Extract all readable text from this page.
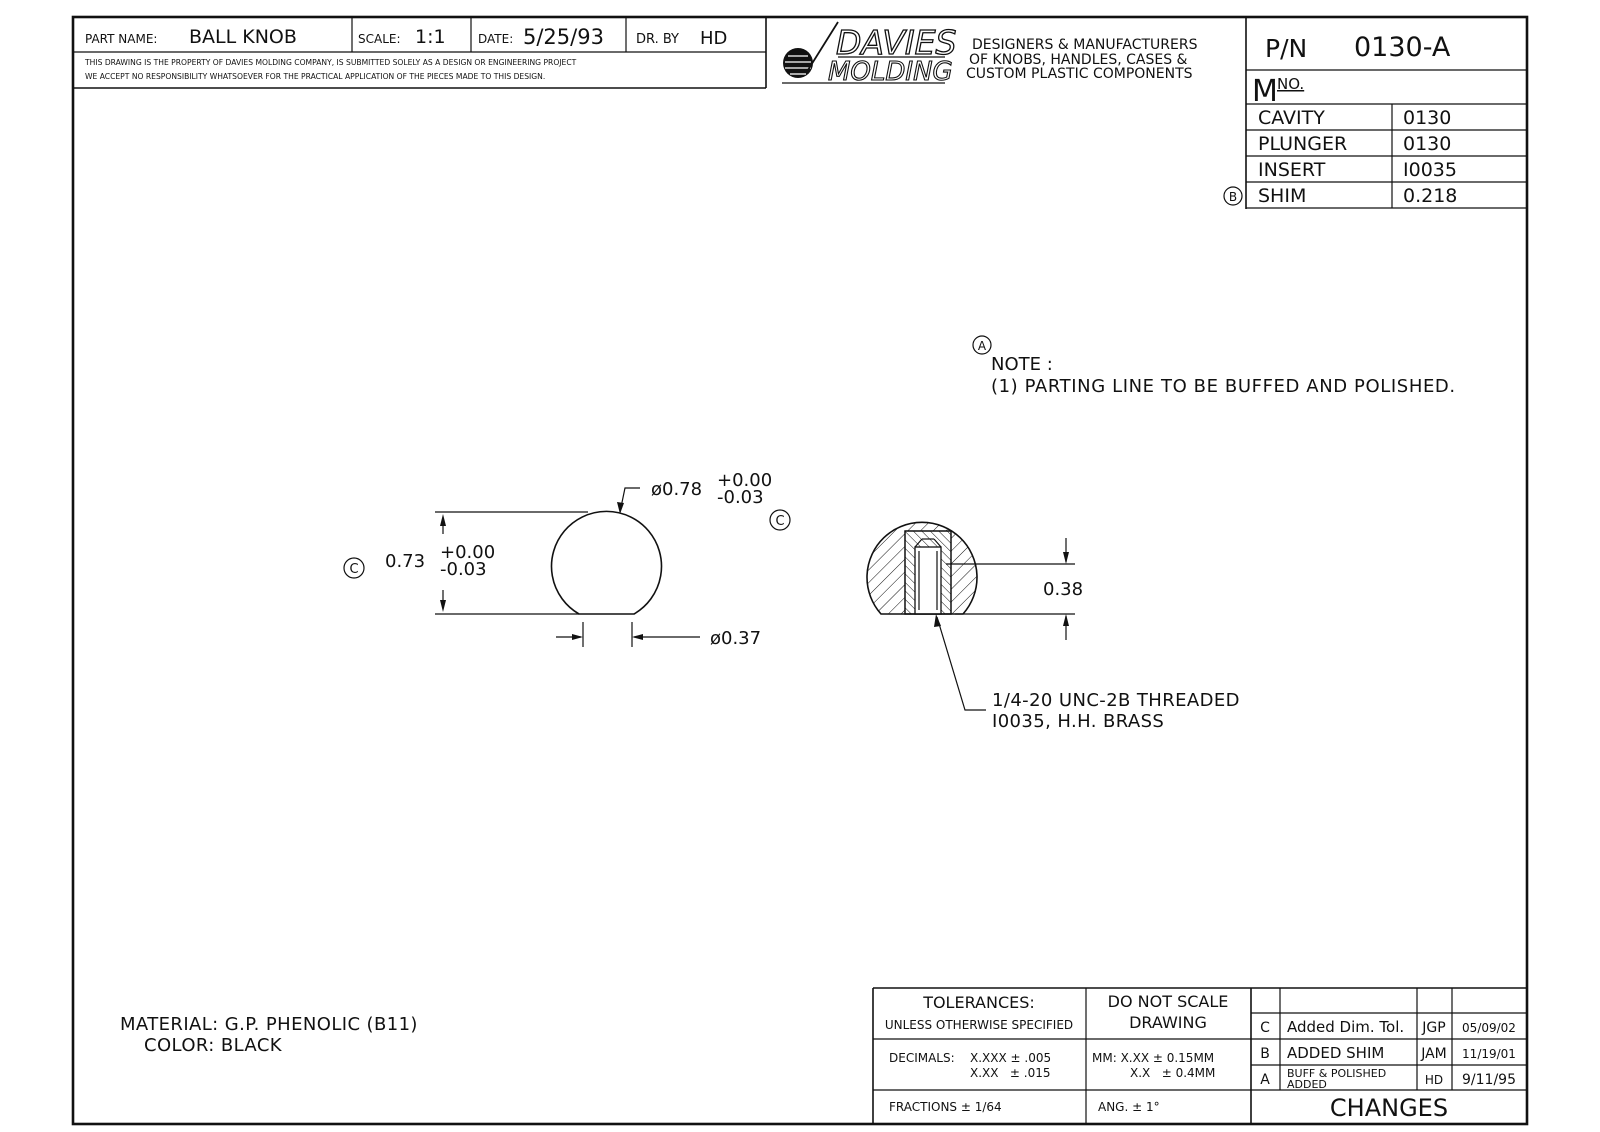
PART NAME: BALL KNOB	SCALE: 1:1	DATE: 5/25/93 DR. BY HD
THIS DRAWING IS THE PROPERTY OF DAVIES MOLDING COMPANY, IS SUBMITTED SOLELY AS A DESIGN OR ENGINEERING PROJECT
WE ACCEPT NO RESPONSIBILITY WHATSOEVER FOR THE PRACTICAL APPLICATION OF THE PIECES MADE TO THIS DESIGN.
DAVIES
MOLDING
DESIGNERS & MANUFACTURERS
OF KNOBS, HANDLES, CASES &
CUSTOM PLASTIC COMPONENTS
P/N 0130-A
M NO.
CAVITY	0130
PLUNGER	0130
INSERT	I0035
SHIM	0.218
B
A
NOTE :
(1) PARTING LINE TO BE BUFFED AND POLISHED.
0.73 +0.00
-0.03
C
ø0.78 +0.00
-0.03
C
ø0.37
0.38
1/4-20 UNC-2B THREADED
I0035, H.H. BRASS
MATERIAL: G.P. PHENOLIC (B11)
COLOR: BLACK
TOLERANCES:
UNLESS OTHERWISE SPECIFIED
DO NOT SCALE
DRAWING
DECIMALS: X.XXX ± .005
X.XX   ± .015
MM: X.XX ± 0.15MM
X.X   ± 0.4MM
FRACTIONS ± 1/64	ANG. ± 1°
C Added Dim. Tol. JGP 05/09/02
B ADDED SHIM	JAM 11/19/01
A BUFF & POLISHED ADDED	HD 9/11/95
CHANGES
